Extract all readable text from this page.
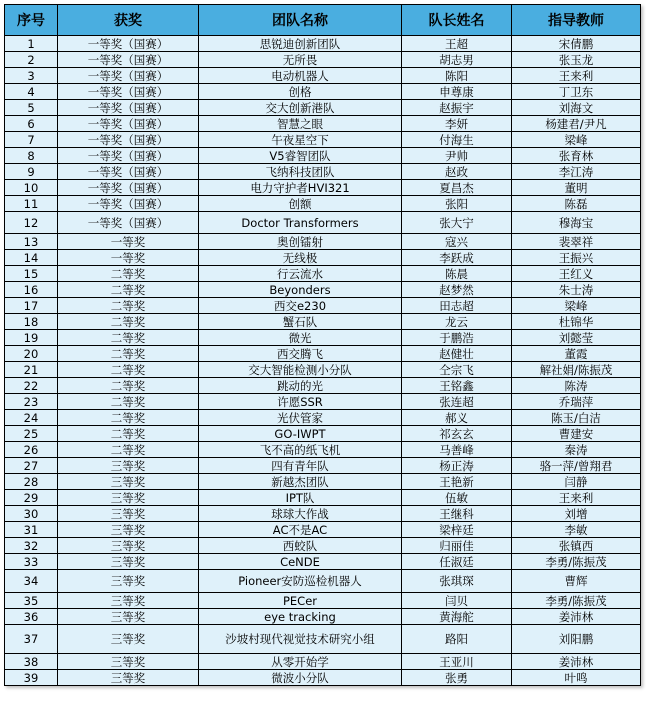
序号	获奖	团队名称	队长姓名	指导教师
1	一等奖（国赛）	思锐迪创新团队	王超	宋倩鹏
2	一等奖（国赛）	无所畏	胡志男	张玉龙
3	一等奖（国赛）	电动机器人	陈阳	王来利
4	一等奖（国赛）	创格	申尊康	丁卫东
5	一等奖（国赛）	交大创新港队	赵振宇	刘海文
6	一等奖（国赛）	智慧之眼	李妍	杨建君/尹凡
7	一等奖（国赛）	午夜星空下	付海生	梁峰
8	一等奖（国赛）	V5睿智团队	尹帅	张育林
9	一等奖（国赛）	飞纳科技团队	赵政	李江涛
10	一等奖（国赛）	电力守护者HVI321	夏昌杰	董明
11	一等奖（国赛）	创额	张阳	陈磊
12	一等奖（国赛）	Doctor Transformers	张大宁	穆海宝
13	一等奖	奥创镭射	寇兴	裴翠祥
14	一等奖	无线极	李跃成	王振兴
15	二等奖	行云流水	陈晨	王红义
16	二等奖	Beyonders	赵梦然	朱士涛
17	二等奖	西交e230	田志超	梁峰
18	二等奖	蟹石队	龙云	杜锦华
19	二等奖	微光	于鹏浩	刘懿莹
20	二等奖	西交腾飞	赵健壮	董霞
21	二等奖	交大智能检测小分队	仝宗飞	解社娟/陈振茂
22	二等奖	跳动的光	王铭鑫	陈涛
23	二等奖	许愿SSR	张连超	乔瑞萍
24	二等奖	光伏管家	郝义	陈玉/白洁
25	二等奖	GO-IWPT	祁玄玄	曹建安
26	二等奖	飞不高的纸飞机	马善峰	秦涛
27	三等奖	四有青年队	杨正涛	骆一萍/曾翔君
28	三等奖	新越杰团队	王艳新	闫静
29	三等奖	IPT队	伍敏	王来利
30	三等奖	球球大作战	王继科	刘增
31	三等奖	AC不是AC	梁梓廷	李敏
32	三等奖	西蛟队	归丽佳	张镇西
33	三等奖	CeNDE	任淑廷	李勇/陈振茂
34	三等奖	Pioneer安防巡检机器人	张琪琛	曹辉
35	三等奖	PECer	闫贝	李勇/陈振茂
36	三等奖	eye tracking	黄海舵	姜沛林
37	三等奖	沙坡村现代视觉技术研究小组	路阳	刘阳鹏
38	三等奖	从零开始学	王亚川	姜沛林
39	三等奖	微波小分队	张勇	叶鸣
